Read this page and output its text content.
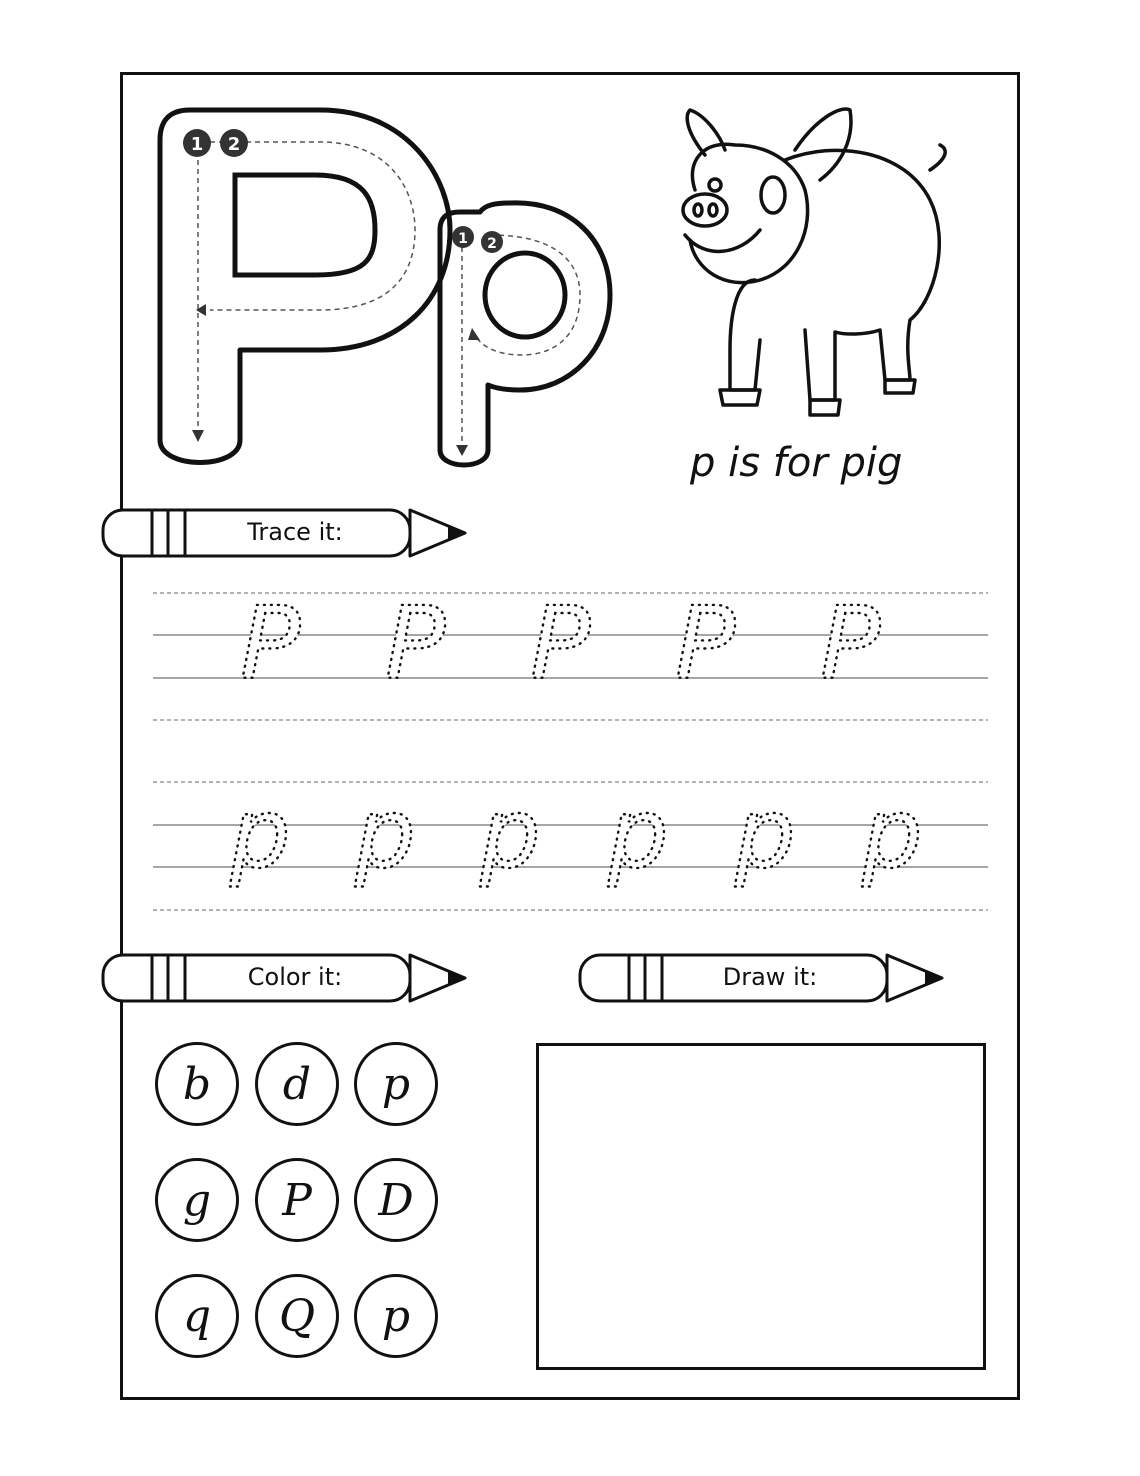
1 2
1 2
p is for pig
Trace it:
P P P P P
p p p p p p
Color it:	Draw it:
b	d	p
g	P	D
q	Q	p
